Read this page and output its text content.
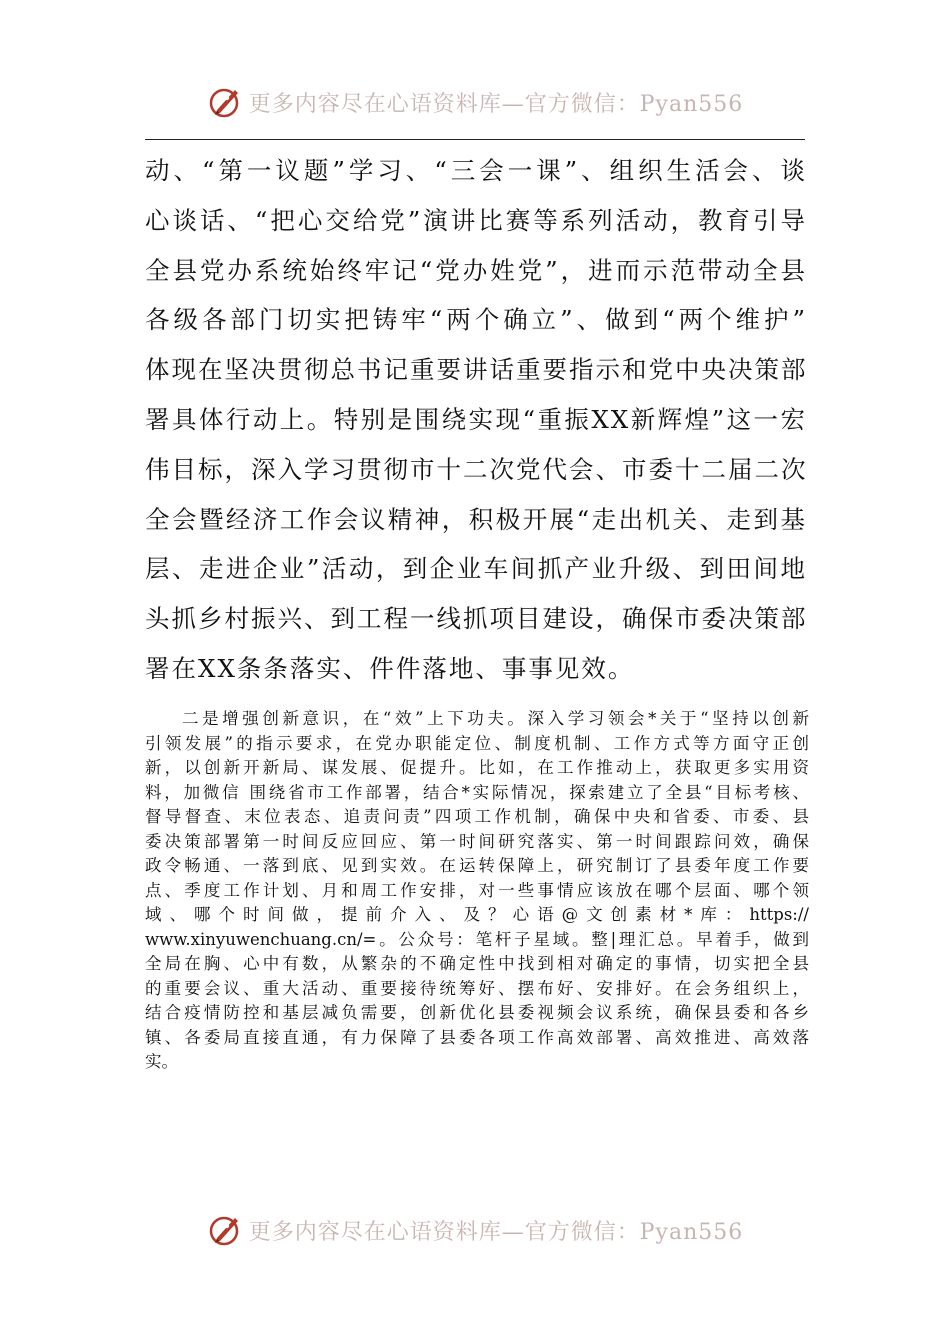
更多内容尽在心语资料库—官方微信：Pyan556
动、“第一议题”学习、“三会一课”、组织生活会、谈
心谈话、“把心交给党”演讲比赛等系列活动，教育引导
全县党办系统始终牢记“党办姓党”，进而示范带动全县
各级各部门切实把铸牢“两个确立”、做到“两个维护”
体现在坚决贯彻总书记重要讲话重要指示和党中央决策部
署具体行动上。特别是围绕实现“重振XX新辉煌”这一宏
伟目标，深入学习贯彻市十二次党代会、市委十二届二次
全会暨经济工作会议精神，积极开展“走出机关、走到基
层、走进企业”活动，到企业车间抓产业升级、到田间地
头抓乡村振兴、到工程一线抓项目建设，确保市委决策部
署在XX条条落实、件件落地、事事见效。
二是增强创新意识，在“效”上下功夫。深入学习领会*关于“坚持以创新
引领发展”的指示要求，在党办职能定位、制度机制、工作方式等方面守正创
新，以创新开新局、谋发展、促提升。比如，在工作推动上，获取更多实用资
料，加微信 围绕省市工作部署，结合*实际情况，探索建立了全县“目标考核、
督导督查、末位表态、追责问责”四项工作机制，确保中央和省委、市委、县
委决策部署第一时间反应回应、第一时间研究落实、第一时间跟踪问效，确保
政令畅通、一落到底、见到实效。在运转保障上，研究制订了县委年度工作要
点、季度工作计划、月和周工作安排，对一些事情应该放在哪个层面、哪个领
域、哪个时间做，提前介入、及？心语@文创素材*库：https://
www.xinyuwenchuang.cn/=。公众号：笔杆子星域。整|理汇总。早着手，做到
全局在胸、心中有数，从繁杂的不确定性中找到相对确定的事情，切实把全县
的重要会议、重大活动、重要接待统筹好、摆布好、安排好。在会务组织上，
结合疫情防控和基层减负需要，创新优化县委视频会议系统，确保县委和各乡
镇、各委局直接直通，有力保障了县委各项工作高效部署、高效推进、高效落
实。
更多内容尽在心语资料库—官方微信：Pyan556
